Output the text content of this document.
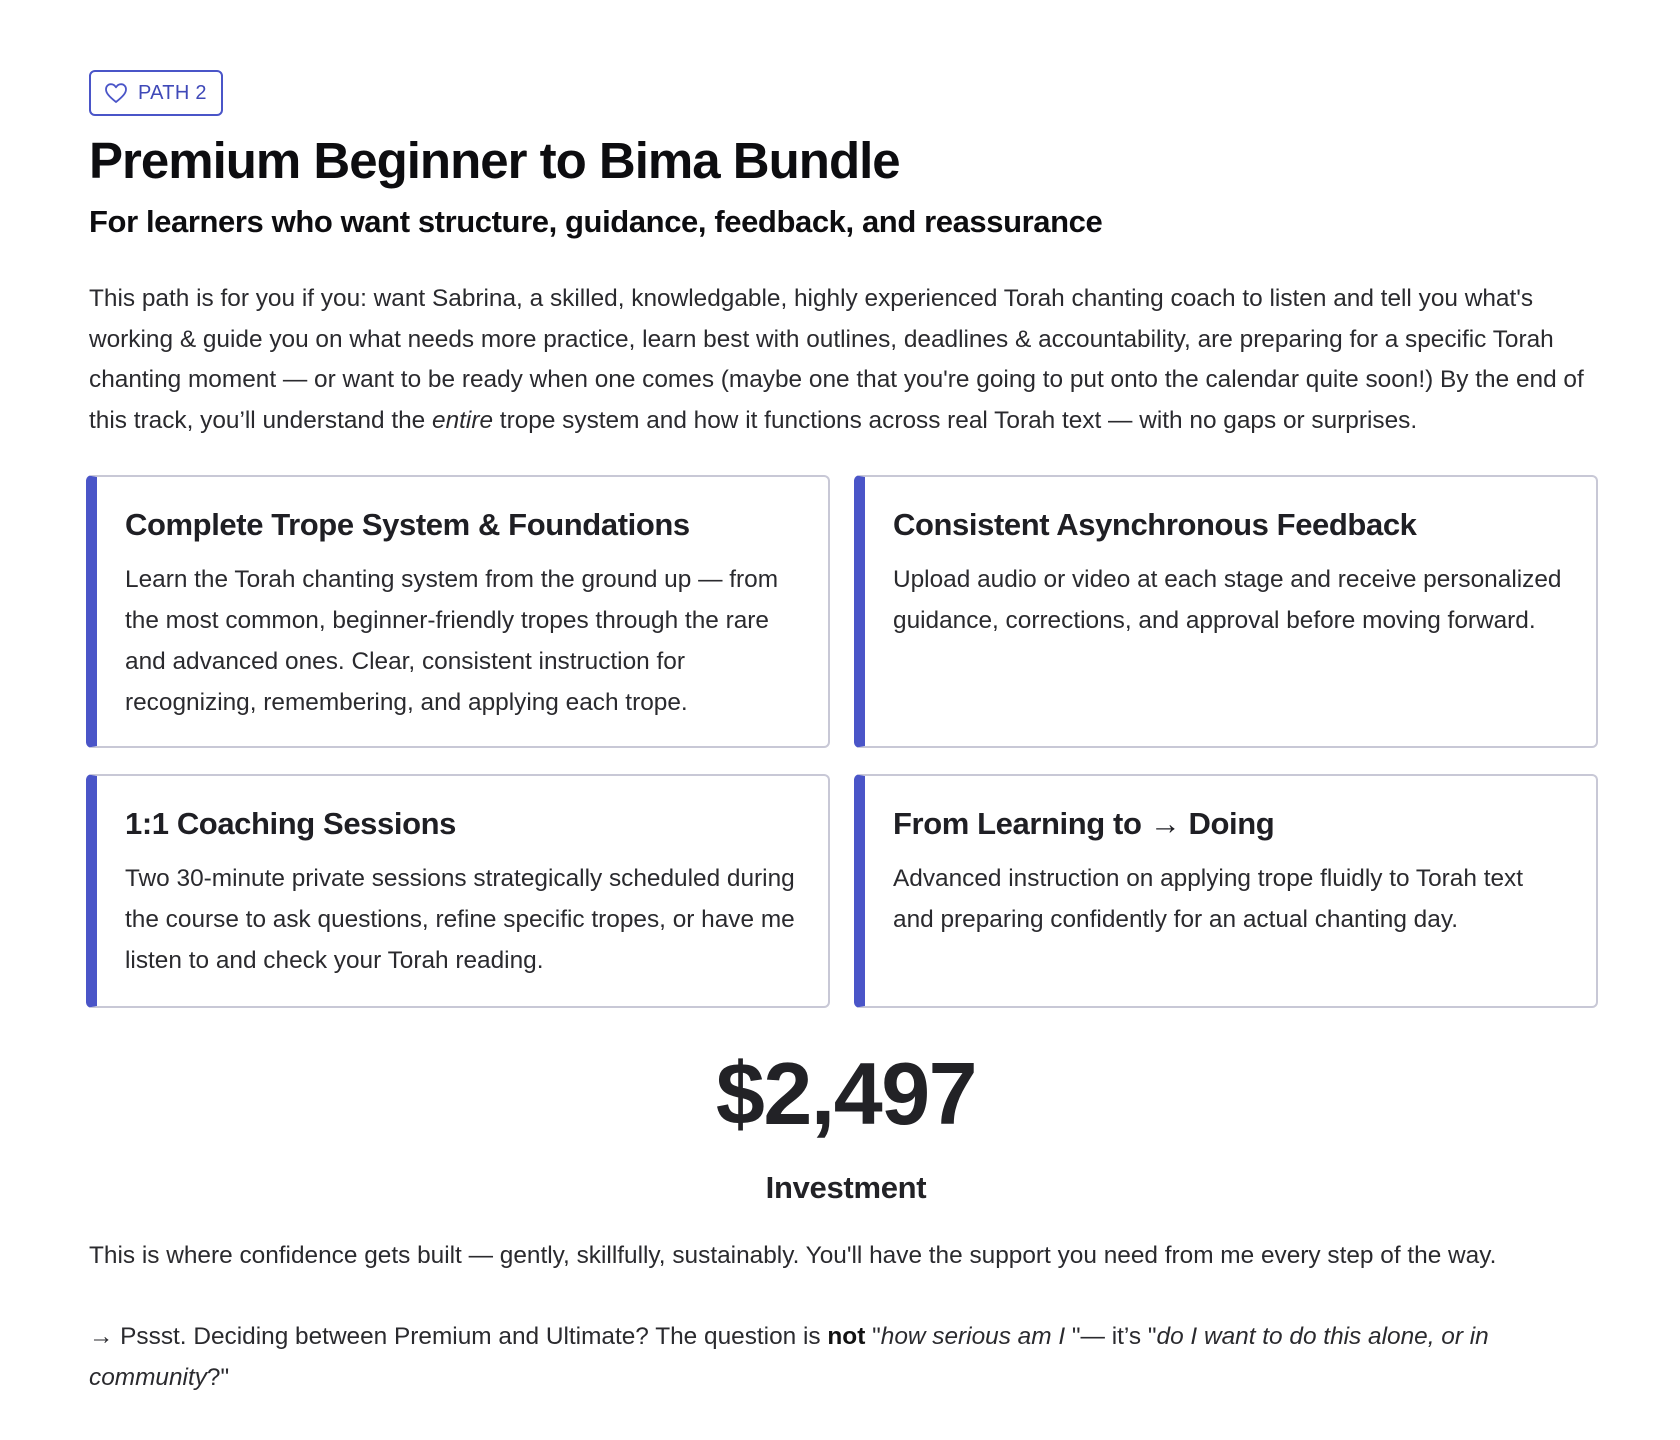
PATH 2
Premium Beginner to Bima Bundle
For learners who want structure, guidance, feedback, and reassurance

This path is for you if you: want Sabrina, a skilled, knowledgable, highly experienced Torah chanting coach to listen and tell you what's working & guide you on what needs more practice, learn best with outlines, deadlines & accountability, are preparing for a specific Torah chanting moment — or want to be ready when one comes (maybe one that you're going to put onto the calendar quite soon!) By the end of this track, you’ll understand the entire trope system and how it functions across real Torah text — with no gaps or surprises.

Complete Trope System & Foundations

Learn the Torah chanting system from the ground up — from the most common, beginner-friendly tropes through the rare and advanced ones. Clear, consistent instruction for recognizing, remembering, and applying each trope.

Consistent Asynchronous Feedback

Upload audio or video at each stage and receive personalized guidance, corrections, and approval before moving forward.

1:1 Coaching Sessions

Two 30-minute private sessions strategically scheduled during the course to ask questions, refine specific tropes, or have me listen to and check your Torah reading.

From Learning to → Doing

Advanced instruction on applying trope fluidly to Torah text and preparing confidently for an actual chanting day.

$2,497
Investment

This is where confidence gets built — gently, skillfully, sustainably. You'll have the support you need from me every step of the way.

→ Pssst. Deciding between Premium and Ultimate? The question is not "how serious am I "— it’s "do I want to do this alone, or in community?"
